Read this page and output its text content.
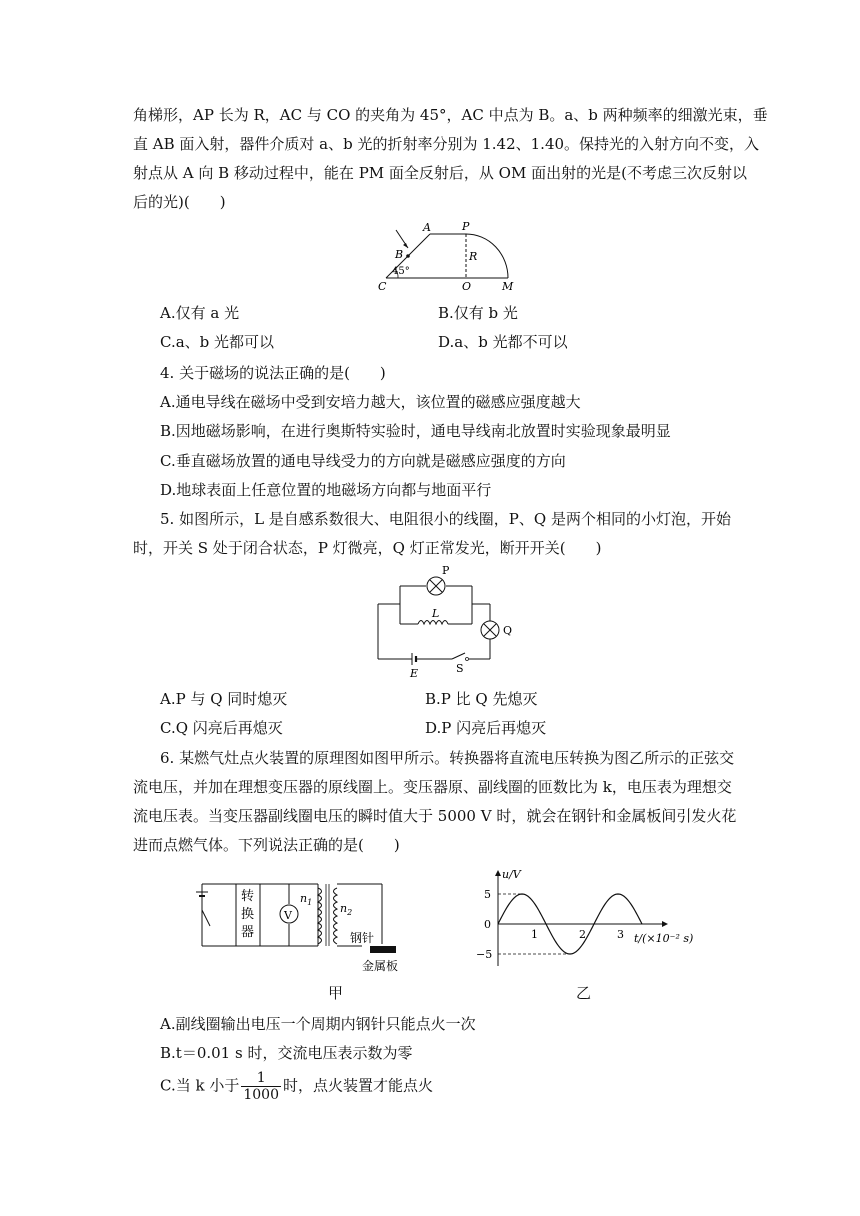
角梯形，AP 长为 R，AC 与 CO 的夹角为 45°，AC 中点为 B。a、b 两种频率的细激光束，垂
直 AB 面入射，器件介质对 a、b 光的折射率分别为 1.42、1.40。保持光的入射方向不变，入
射点从 A 向 B 移动过程中，能在 PM 面全反射后，从 OM 面出射的光是(不考虑三次反射以
后的光)(　　)
A	P
B	R
45°
C	O	M
A.仅有 a 光	B.仅有 b 光
C.a、b 光都可以	D.a、b 光都不可以
4. 关于磁场的说法正确的是(　　)
A.通电导线在磁场中受到安培力越大，该位置的磁感应强度越大
B.因地磁场影响，在进行奥斯特实验时，通电导线南北放置时实验现象最明显
C.垂直磁场放置的通电导线受力的方向就是磁感应强度的方向
D.地球表面上任意位置的地磁场方向都与地面平行
5. 如图所示，L 是自感系数很大、电阻很小的线圈，P、Q 是两个相同的小灯泡，开始
时，开关 S 处于闭合状态，P 灯微亮，Q 灯正常发光，断开开关(　　)
P
L
Q
E	S
A.P 与 Q 同时熄灭	B.P 比 Q 先熄灭
C.Q 闪亮后再熄灭	D.P 闪亮后再熄灭
6. 某燃气灶点火装置的原理图如图甲所示。转换器将直流电压转换为图乙所示的正弦交
流电压，并加在理想变压器的原线圈上。变压器原、副线圈的匝数比为 k，电压表为理想交
流电压表。当变压器副线圈电压的瞬时值大于 5000 V 时，就会在钢针和金属板间引发火花
进而点燃气体。下列说法正确的是(　　)
转
换
器
V
$n_1$	$n_2$
钢针
金属板
u/V
5
0
−5
1	2	3 t/(×10⁻² s)
甲	乙
A.副线圈输出电压一个周期内钢针只能点火一次
B.t＝0.01 s 时，交流电压表示数为零
C.当 k 小于 $\frac{1}{1000}$ 时，点火装置才能点火
